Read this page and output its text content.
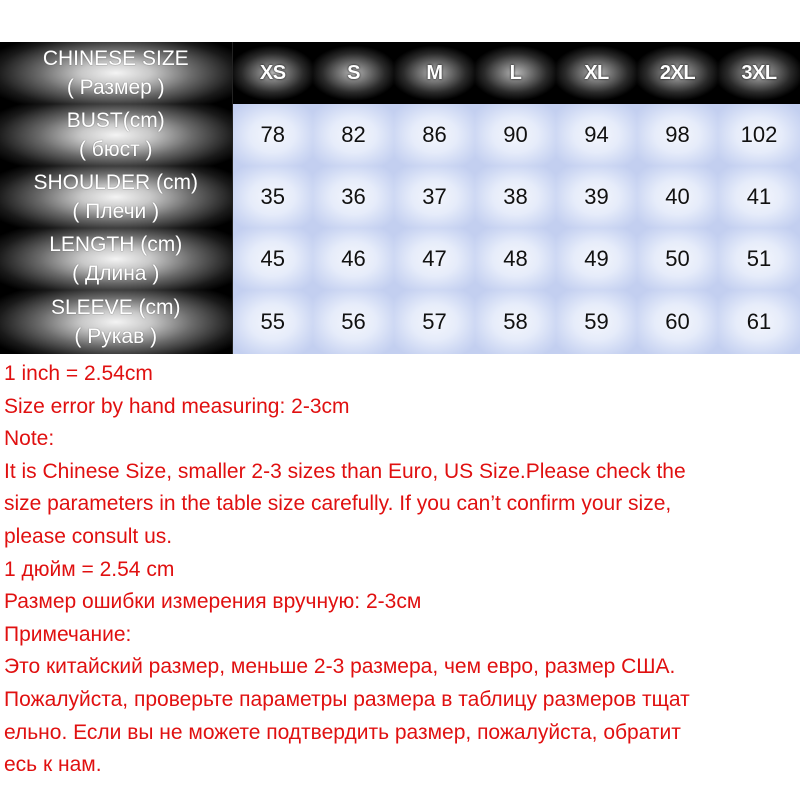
CHINESE SIZE
( Размер )	XS	S	M	L	XL	2XL	3XL

BUST(cm)
( бюст )	78	82	86	90	94	98	102

SHOULDER (cm)
( Плечи )	35	36	37	38	39	40	41

LENGTH (cm)
( Длина )	45	46	47	48	49	50	51

SLEEVE (cm)
( Рукав )	55	56	57	58	59	60	61
1 inch = 2.54cm
Size error by hand measuring: 2-3cm
Note:
It is Chinese Size, smaller 2-3 sizes than Euro, US Size.Please check the
size parameters in the table size carefully. If you can’t confirm your size,
please consult us.
1 дюйм = 2.54 cm
Размер ошибки измерения вручную: 2-3cм
Примечание:
Это китайский размер, меньше 2-3 размера, чем евро, размер США.
Пожалуйста, проверьте параметры размера в таблицу размеров тщат
ельно. Если вы не можете подтвердить размер, пожалуйста, обратит
есь к нам.
